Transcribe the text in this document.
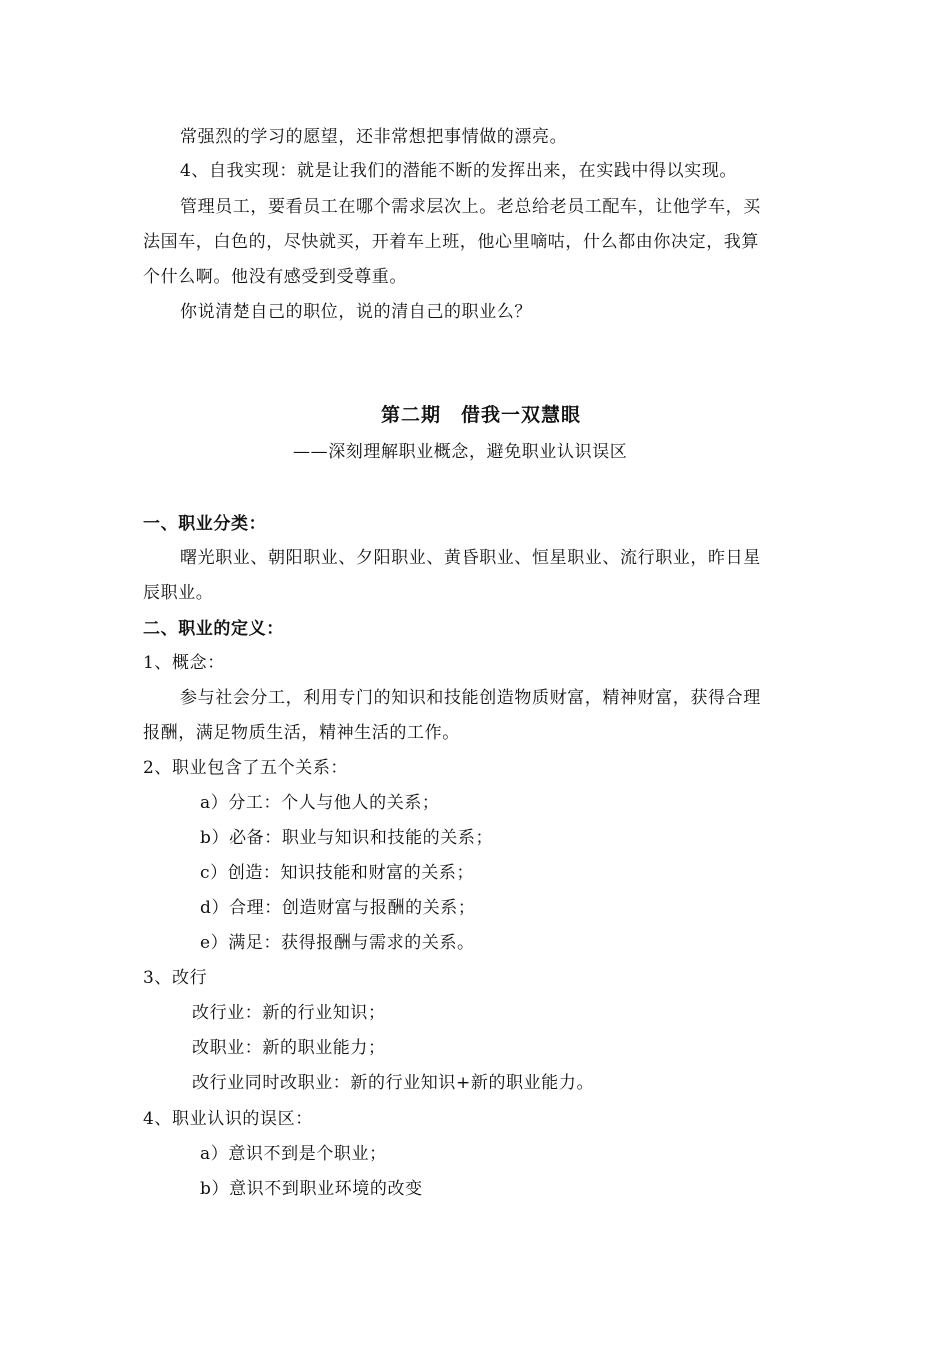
常强烈的学习的愿望，还非常想把事情做的漂亮。
4、自我实现：就是让我们的潜能不断的发挥出来，在实践中得以实现。
管理员工，要看员工在哪个需求层次上。老总给老员工配车，让他学车，买
法国车，白色的，尽快就买，开着车上班，他心里嘀咕，什么都由你决定，我算
个什么啊。他没有感受到受尊重。
你说清楚自己的职位，说的清自己的职业么？
第二期　借我一双慧眼
——深刻理解职业概念，避免职业认识误区
一、职业分类：
曙光职业、朝阳职业、夕阳职业、黄昏职业、恒星职业、流行职业，昨日星
辰职业。
二、职业的定义：
1、概念：
参与社会分工，利用专门的知识和技能创造物质财富，精神财富，获得合理
报酬，满足物质生活，精神生活的工作。
2、职业包含了五个关系：
a）分工：个人与他人的关系；
b）必备：职业与知识和技能的关系；
c）创造：知识技能和财富的关系；
d）合理：创造财富与报酬的关系；
e）满足：获得报酬与需求的关系。
3、改行
改行业：新的行业知识；
改职业：新的职业能力；
改行业同时改职业：新的行业知识+新的职业能力。
4、职业认识的误区：
a）意识不到是个职业；
b）意识不到职业环境的改变
